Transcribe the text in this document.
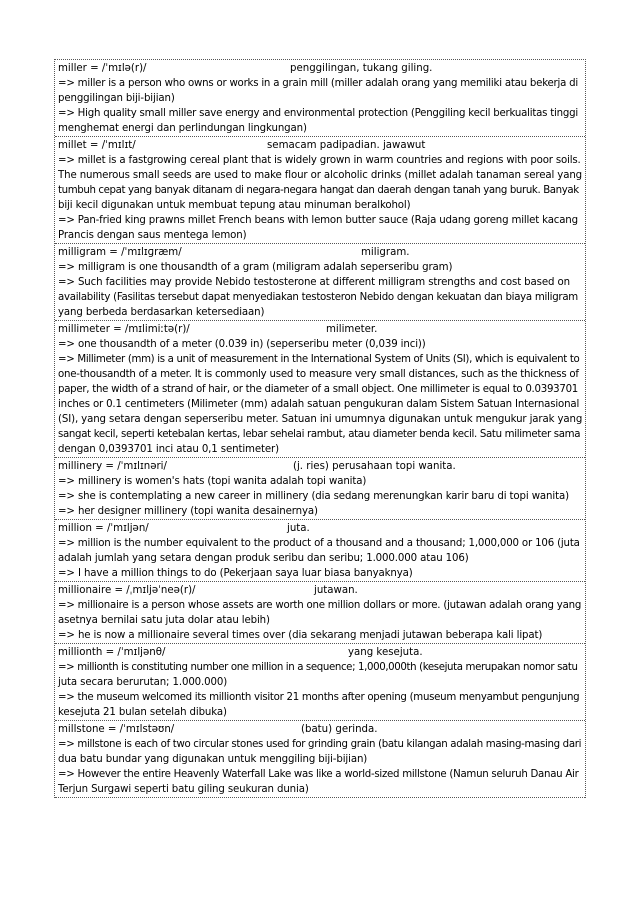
miller = /ˈmɪlə(r)/	penggilingan, tukang giling.

=> miller is a person who owns or works in a grain mill (miller adalah orang yang memiliki atau bekerja di

penggilingan biji-bijian)

=> High quality small miller save energy and environmental protection (Penggiling kecil berkualitas tinggi

menghemat energi dan perlindungan lingkungan)

millet = /ˈmɪlɪt/	semacam padipadian. jawawut

=> millet is a fastgrowing cereal plant that is widely grown in warm countries and regions with poor soils.

The numerous small seeds are used to make flour or alcoholic drinks (millet adalah tanaman sereal yang

tumbuh cepat yang banyak ditanam di negara-negara hangat dan daerah dengan tanah yang buruk. Banyak

biji kecil digunakan untuk membuat tepung atau minuman beralkohol)

=> Pan-fried king prawns millet French beans with lemon butter sauce (Raja udang goreng millet kacang

Prancis dengan saus mentega lemon)

milligram = /ˈmɪlɪɡræm/	miligram.

=> milligram is one thousandth of a gram (miligram adalah seperseribu gram)

=> Such facilities may provide Nebido testosterone at different milligram strengths and cost based on

availability (Fasilitas tersebut dapat menyediakan testosteron Nebido dengan kekuatan dan biaya miligram

yang berbeda berdasarkan ketersediaan)

millimeter = /mɪlimiːtə(r)/	milimeter.

=> one thousandth of a meter (0.039 in) (seperseribu meter (0,039 inci))

=> Millimeter (mm) is a unit of measurement in the International System of Units (SI), which is equivalent to

one-thousandth of a meter. It is commonly used to measure very small distances, such as the thickness of

paper, the width of a strand of hair, or the diameter of a small object. One millimeter is equal to 0.0393701

inches or 0.1 centimeters (Milimeter (mm) adalah satuan pengukuran dalam Sistem Satuan Internasional

(SI), yang setara dengan seperseribu meter. Satuan ini umumnya digunakan untuk mengukur jarak yang

sangat kecil, seperti ketebalan kertas, lebar sehelai rambut, atau diameter benda kecil. Satu milimeter sama

dengan 0,0393701 inci atau 0,1 sentimeter)

millinery = /ˈmɪlɪnəri/	(j. ries) perusahaan topi wanita.

=> millinery is women's hats (topi wanita adalah topi wanita)

=> she is contemplating a new career in millinery (dia sedang merenungkan karir baru di topi wanita)

=> her designer millinery (topi wanita desainernya)

million = /ˈmɪljən/	juta.

=> million is the number equivalent to the product of a thousand and a thousand; 1,000,000 or 106 (juta

adalah jumlah yang setara dengan produk seribu dan seribu; 1.000.000 atau 106)

=> I have a million things to do (Pekerjaan saya luar biasa banyaknya)

millionaire = /ˌmɪljəˈneə(r)/	jutawan.

=> millionaire is a person whose assets are worth one million dollars or more. (jutawan adalah orang yang

asetnya bernilai satu juta dolar atau lebih)

=> he is now a millionaire several times over (dia sekarang menjadi jutawan beberapa kali lipat)

millionth = /ˈmɪljənθ/	yang kesejuta.

=> millionth is constituting number one million in a sequence; 1,000,000th (kesejuta merupakan nomor satu

juta secara berurutan; 1.000.000)

=> the museum welcomed its millionth visitor 21 months after opening (museum menyambut pengunjung

kesejuta 21 bulan setelah dibuka)

millstone = /ˈmɪlstəʊn/	(batu) gerinda.

=> millstone is each of two circular stones used for grinding grain (batu kilangan adalah masing-masing dari

dua batu bundar yang digunakan untuk menggiling biji-bijian)

=> However the entire Heavenly Waterfall Lake was like a world-sized millstone (Namun seluruh Danau Air

Terjun Surgawi seperti batu giling seukuran dunia)
